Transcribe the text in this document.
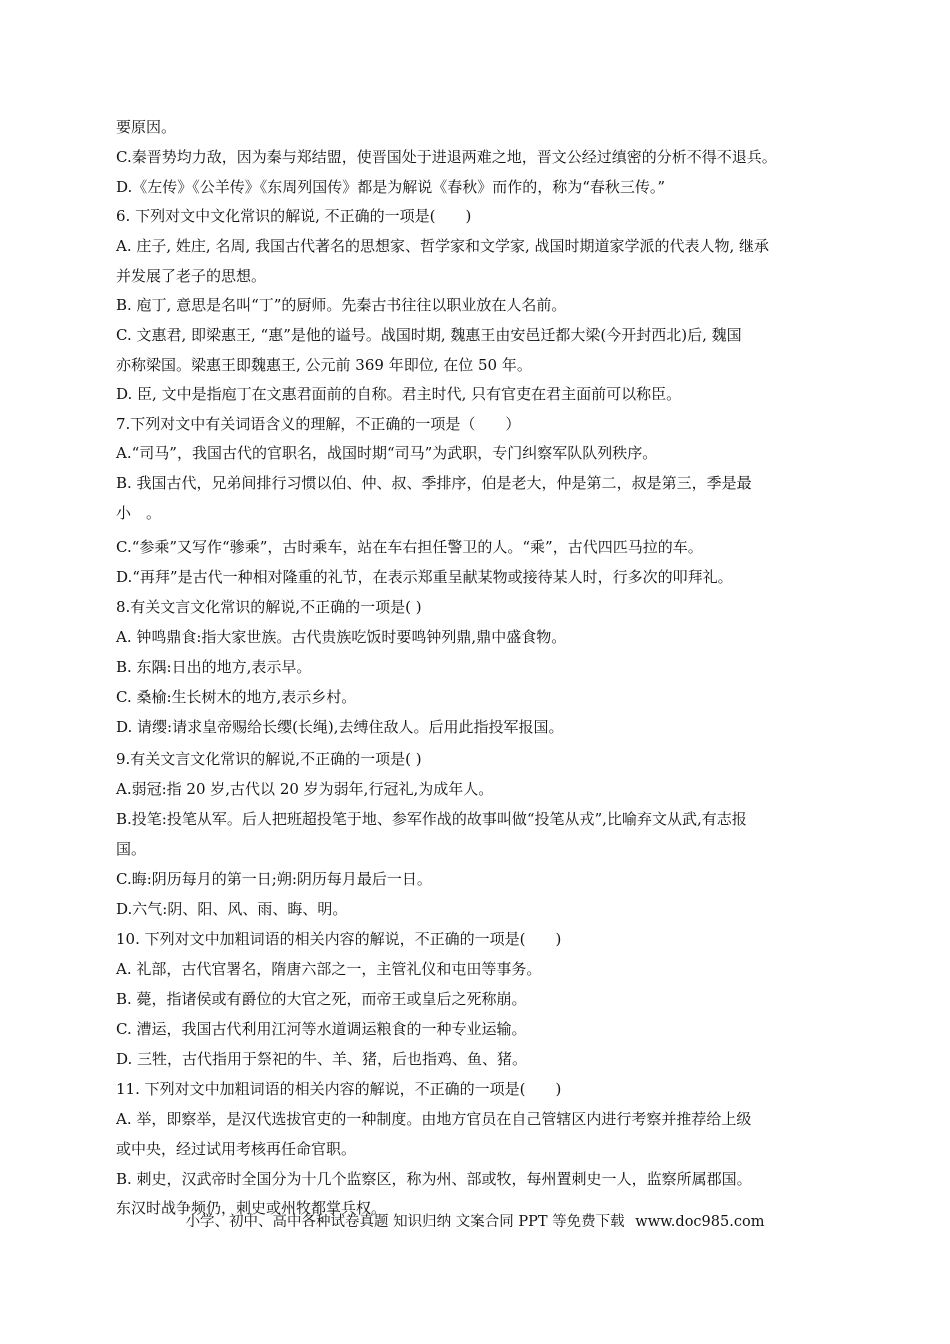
要原因。
C.秦晋势均力敌，因为秦与郑结盟，使晋国处于进退两难之地，晋文公经过缜密的分析不得不退兵。
D.《左传》《公羊传》《东周列国传》都是为解说《春秋》而作的，称为“春秋三传。”
6. 下列对文中文化常识的解说, 不正确的一项是(　　)
A. 庄子, 姓庄, 名周, 我国古代著名的思想家、哲学家和文学家, 战国时期道家学派的代表人物, 继承
并发展了老子的思想。
B. 庖丁, 意思是名叫“丁”的厨师。先秦古书往往以职业放在人名前。
C. 文惠君, 即梁惠王, “惠”是他的谥号。战国时期, 魏惠王由安邑迁都大梁(今开封西北)后, 魏国
亦称梁国。梁惠王即魏惠王, 公元前 369 年即位, 在位 50 年。
D. 臣, 文中是指庖丁在文惠君面前的自称。君主时代, 只有官吏在君主面前可以称臣。
7.下列对文中有关词语含义的理解，不正确的一项是（　　）
A.“司马”，我国古代的官职名，战国时期“司马”为武职，专门纠察军队队列秩序。
B. 我国古代，兄弟间排行习惯以伯、仲、叔、季排序，伯是老大，仲是第二，叔是第三，季是最
小　。
C.“参乘”又写作“骖乘”，古时乘车，站在车右担任警卫的人。“乘”，古代四匹马拉的车。
D.“再拜”是古代一种相对隆重的礼节，在表示郑重呈献某物或接待某人时，行多次的叩拜礼。
8.有关文言文化常识的解说,不正确的一项是( )
A. 钟鸣鼎食:指大家世族。古代贵族吃饭时要鸣钟列鼎,鼎中盛食物。
B. 东隅:日出的地方,表示早。
C. 桑榆:生长树木的地方,表示乡村。
D. 请缨:请求皇帝赐给长缨(长绳),去缚住敌人。后用此指投军报国。
9.有关文言文化常识的解说,不正确的一项是( )
A.弱冠:指 20 岁,古代以 20 岁为弱年,行冠礼,为成年人。
B.投笔:投笔从军。后人把班超投笔于地、参军作战的故事叫做“投笔从戎”,比喻弃文从武,有志报
国。
C.晦:阴历每月的第一日;朔:阴历每月最后一日。
D.六气:阴、阳、风、雨、晦、明。
10. 下列对文中加粗词语的相关内容的解说，不正确的一项是(　　)
A. 礼部，古代官署名，隋唐六部之一，主管礼仪和屯田等事务。
B. 薨，指诸侯或有爵位的大官之死，而帝王或皇后之死称崩。
C. 漕运，我国古代利用江河等水道调运粮食的一种专业运输。
D. 三牲，古代指用于祭祀的牛、羊、猪，后也指鸡、鱼、猪。
11. 下列对文中加粗词语的相关内容的解说，不正确的一项是(　　)
A. 举，即察举，是汉代选拔官吏的一种制度。由地方官员在自己管辖区内进行考察并推荐给上级
或中央，经过试用考核再任命官职。
B. 刺史，汉武帝时全国分为十几个监察区，称为州、部或牧，每州置刺史一人，监察所属郡国。
东汉时战争频仍，刺史或州牧都掌兵权。
小学、初中、高中各种试卷真题 知识归纳 文案合同 PPT 等免费下载 www.doc985.com
